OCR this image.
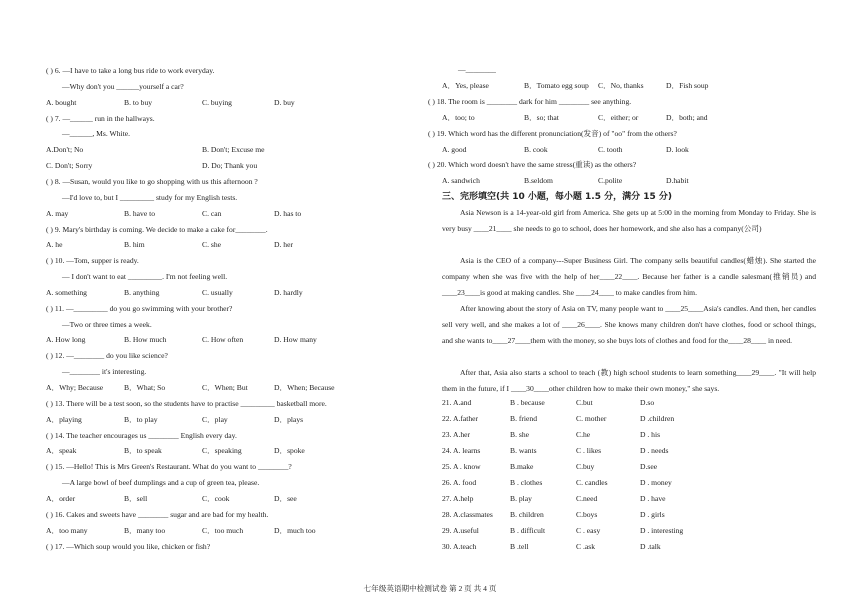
( ) 6. —I have to take a long bus ride to work everyday.
—Why don't you ______yourself a car?
A. bought	B. to buy	C. buying	D. buy
( ) 7. —______ run in the hallways.
—______, Ms. White.
A.Don't; No	B. Don't; Excuse me
C. Don't; Sorry	D. Do; Thank you
( ) 8. —Susan, would you like to go shopping with us this afternoon ?
—I'd love to, but I _________ study for my English tests.
A. may	B. have to	C. can	D. has to
( ) 9. Mary's birthday is coming. We decide to make a cake for________.
A. he	B. him	C. she	D. her
( ) 10. —Tom, supper is ready.
— I don't want to eat _________. I'm not feeling well.
A. something	B. anything	C. usually	D. hardly
( ) 11. —_________ do you go swimming with your brother?
—Two or three times a week.
A. How long	B. How much	C. How often	D. How many
( ) 12. —________ do you like science?
—________ it's interesting.
A．Why; Because	B．What; So	C．When; But	D．When; Because
( ) 13. There will be a test soon, so the students have to practise _________ basketball more.
A．playing	B．to play	C．play	D．plays
( ) 14. The teacher encourages us ________ English every day.
A．speak	B．to speak	C．speaking	D．spoke
( ) 15. —Hello! This is Mrs Green's Restaurant. What do you want to ________?
—A large bowl of beef dumplings and a cup of green tea, please.
A．order	B．sell	C．cook	D．see
( ) 16. Cakes and sweets have ________ sugar and are bad for my health.
A．too many	B．many too	C．too much	D．much too
( ) 17. —Which soup would you like, chicken or fish?
—________
A．Yes, please	B．Tomato egg soup	C．No, thanks	D．Fish soup
( ) 18. The room is ________ dark for him ________ see anything.
A．too; to	B．so; that	C．either; or	D．both; and
( ) 19. Which word has the different pronunciation(发音) of "oo" from the others?
A. good	B. cook	C. tooth	D. look
( ) 20. Which word doesn't have the same stress(重读) as the others?
A. sandwich	B.seldom	C.polite	D.habit
三、完形填空(共 10 小题，每小题 1.5 分，满分 15 分)
Asia Newson is a 14-year-old girl from America. She gets up at 5:00 in the morning from Monday to Friday. She is very busy ____21____ she needs to go to school, does her homework, and she also has a company(公司)
Asia is the CEO of a company---Super Business Girl. The company sells beautiful candles(蜡烛). She started the company when she was five with the help of her____22____. Because her father is a candle salesman(推销员) and ____23____is good at making candles. She ____24____ to make candles from him.
After knowing about the story of Asia on TV, many people want to ____25____Asia's candles. And then, her candles sell very well, and she makes a lot of ____26____. She knows many children don't have clothes, food or school things, and she wants to____27____them with the money, so she buys lots of clothes and food for the____28____ in need.
After that, Asia also starts a school to teach (教) high school students to learn something____29____. "It will help them in the future, if I ____30____other children how to make their own money," she says.
21. A.and	B . because	C.but	D.so
22. A.father	B. friend	C. mother	D .children
23. A.her	B. she	C.he	D . his
24. A. learns	B. wants	C . likes	D . needs
25. A . know	B.make	C.buy	D.see
26. A. food	B . clothes	C. candles	D . money
27. A.help	B. play	C.need	D . have
28. A.classmates	B. children	C.boys	D . girls
29. A.useful	B . difficult	C . easy	D . interesting
30. A.teach	B .tell	C .ask	D .talk
七年级英语期中检测试卷 第 2 页 共 4 页
